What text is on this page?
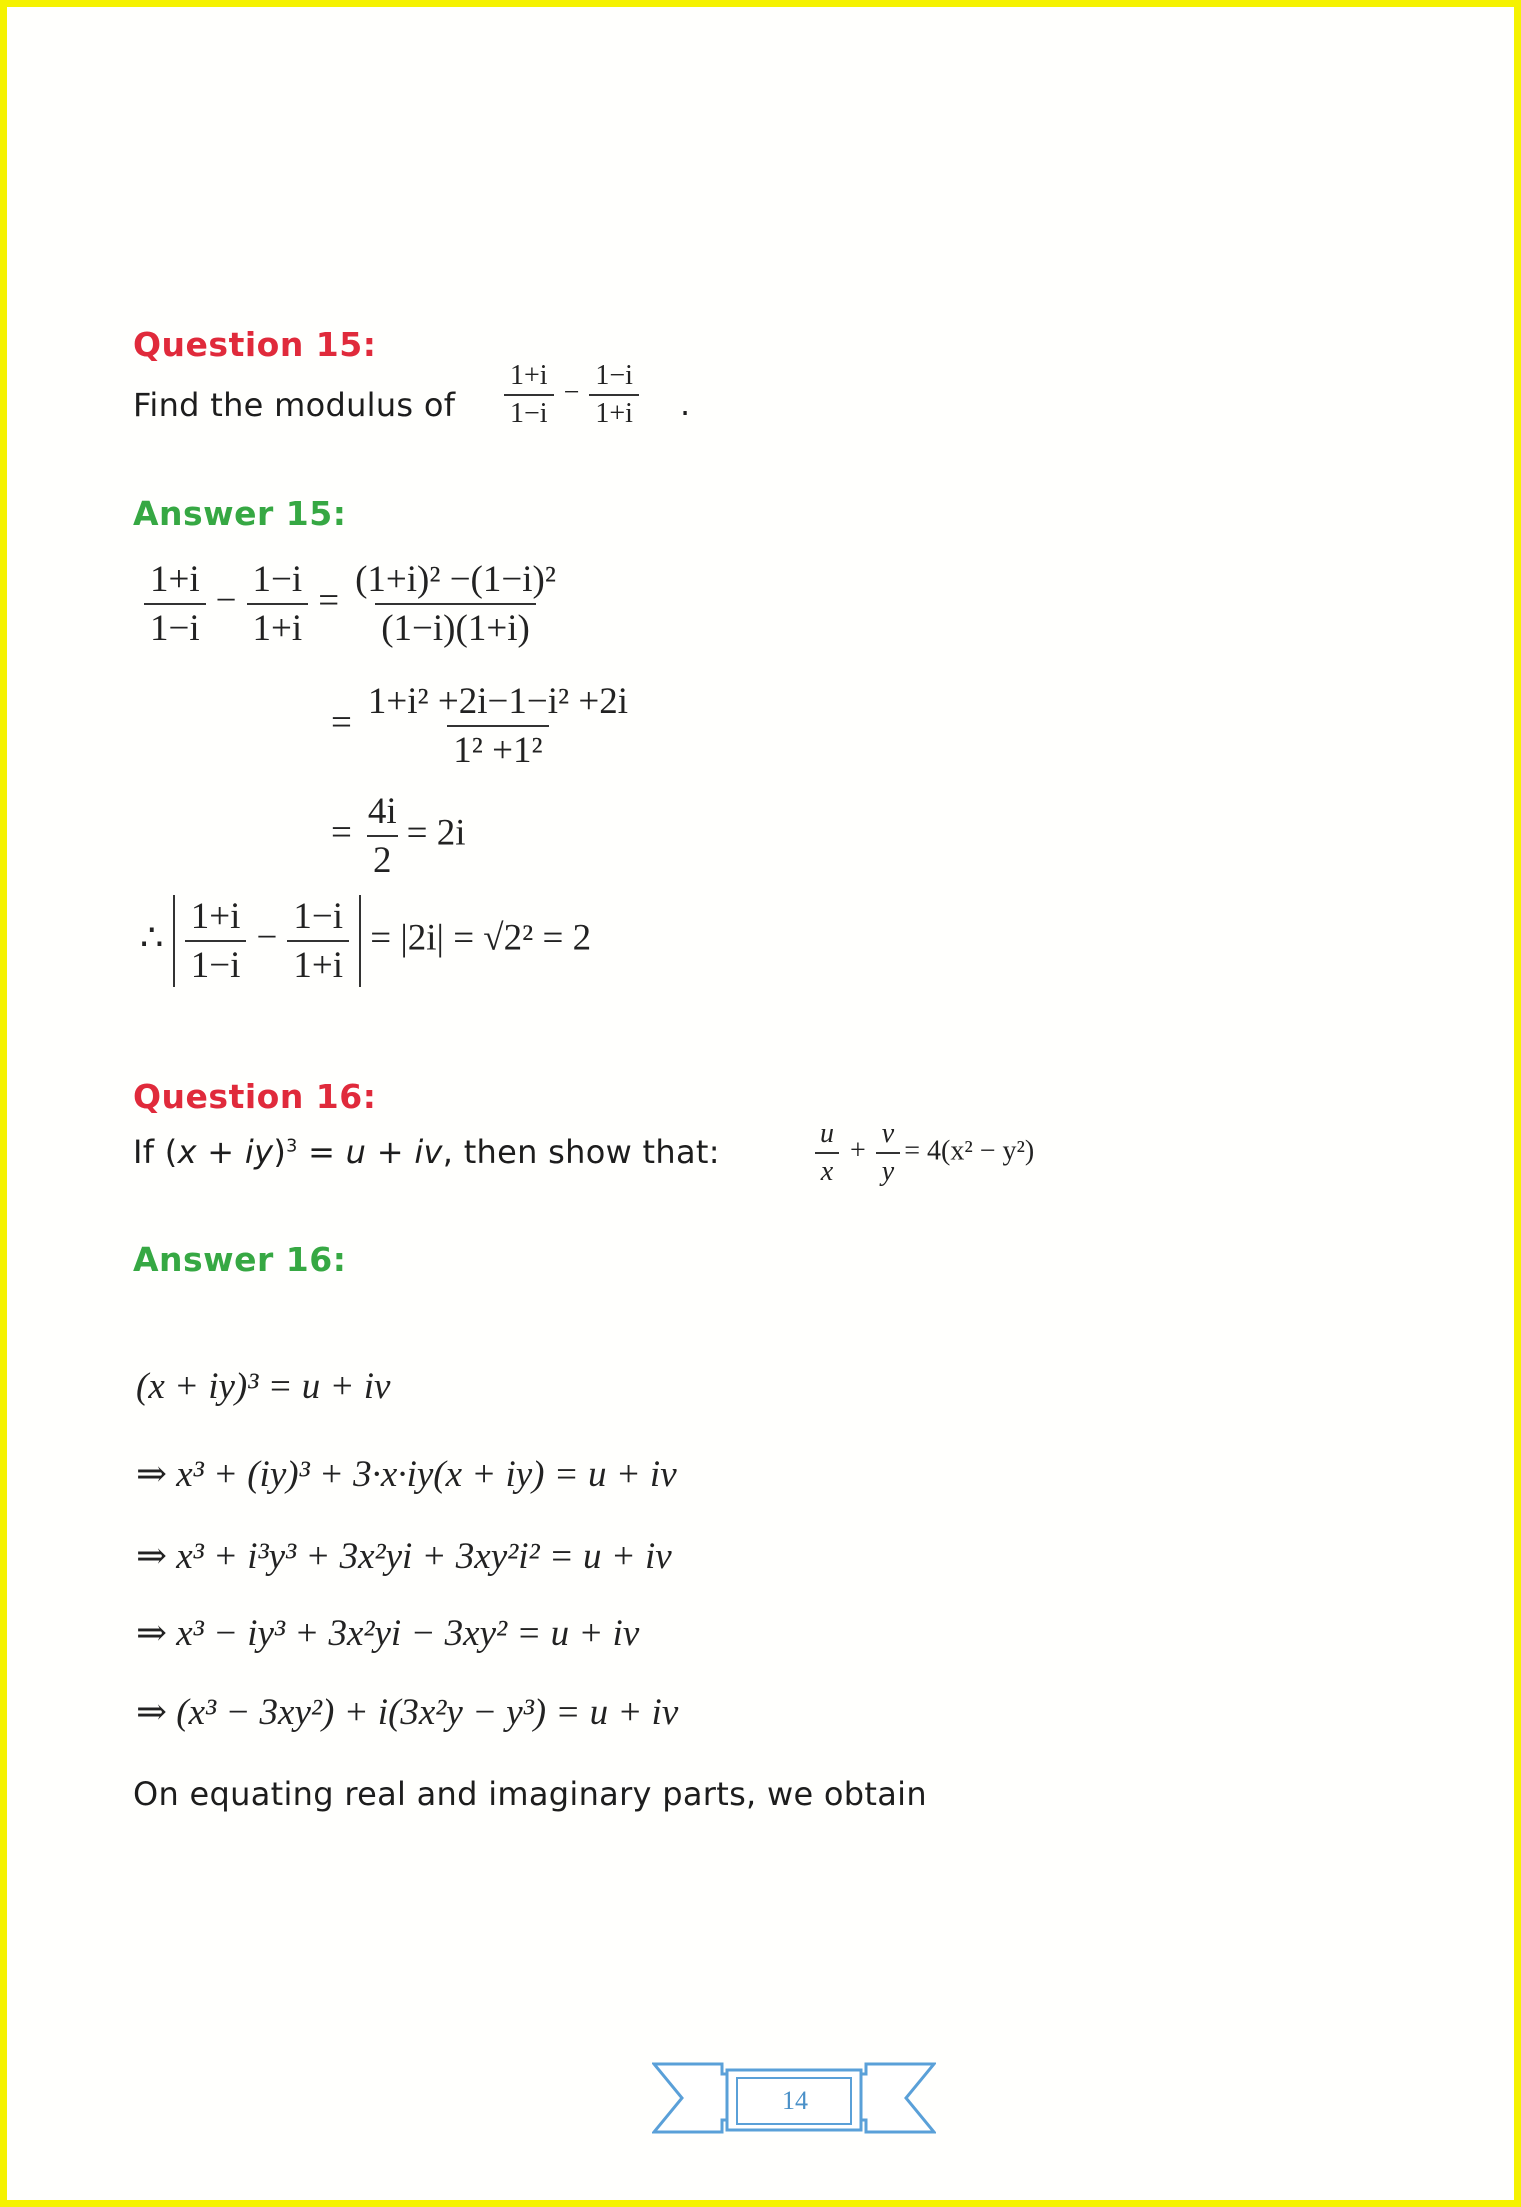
Question 15:
Find the modulus of $\frac{1+i}{1-i} - \frac{1-i}{1+i}$ .
Answer 15:
$\frac{1+i}{1-i} - \frac{1-i}{1+i} = \frac{\text{(1+i)² −(1−i)²}}{(1-i)(1+i)}$
= $\frac{\text{1+i² +2i−1−i² +2i}}{\text{1² +1²}}$
= $\frac{4i}{2} = 2i$
∴ $\frac{1+i}{1-i} - \frac{1-i}{1+i} = |2i| = √2^2 = 2$
Question 16:
If (x + iy)$^3$ = u + iv, then show that:	$\frac{u}{x} + \frac{v}{y} = 4(x^2 - y^2)$
Answer 16:
(x + iy)³ = u + iv
⇒ x³ + (iy)³ + 3·x·iy(x + iy) = u + iv
⇒ x³ + i³y³ + 3x²yi + 3xy²i² = u + iv
⇒ x³ − iy³ + 3x²yi − 3xy² = u + iv
⇒ (x³ − 3xy²) + i(3x²y − y³) = u + iv
On equating real and imaginary parts, we obtain
14
